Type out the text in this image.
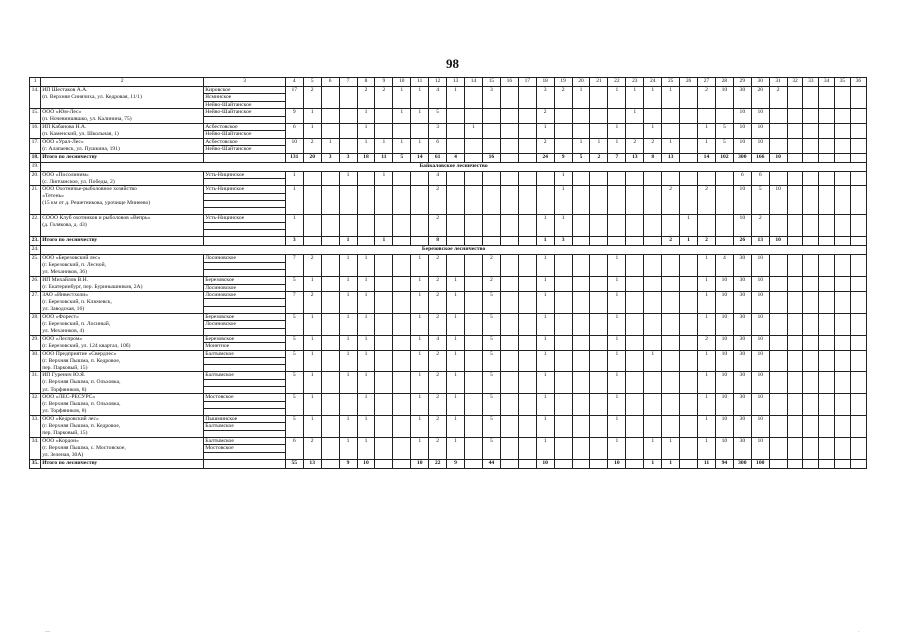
98
1	2	3	4	5	6	7	8	9	10	11	12	13	14	15	16	17	18	19	20	21	22	23	24	25	26	27	28	29	30	31	32	33	34	35	36
14.	ИП Шестаков А.А.	Кировское	17	2			2	2	1	1	4	1		3			3	2	1		1	1	1	1		2	10	30	20	2					
	(п. Верхняя Синячиха, ул. Кедровая, 11/1)	Ясминское																																	
		Нейво-Шайтанское																																	
15.	ООО «Юм-Лес»	Нейво-Шайтанское	9	1			1		1	1	5						2					1						10	10						
	(п. Ночевиншвшко, ул. Калинина, 75)																																		
16.	ИП Кабанова Н.А.	Асбестовское	6	1			1				3		1				1				1		1			1	5	10	10						
	(п. Каменский, ул. Школьная, 1)	Нейво-Шайтанское																																	
17.	ООО «Урал-Лес»	Асбестовское	10	2	1		1	1	1	1	6						2		1	1	1	2	2	1		1	5	10	10						
	(г. Алапаевск, ул. Пушкина, 191)	Нейво-Шайтанское																																	
18.	Итого по лесничеству		131	20	3	3	18	11	5	14	61	4		16			24	9	5	2	7	13	8	13		14	102	300	166	10					
19.	Байкаловское лесничество																																		
20.	ООО «Посолиним»	Усть-Ницинское	1			1		1			4							1										6	6						
	(с. Липчанское, ул. Победы, 2)																																		
21.	ООО Охотничье-рыболовное хозяйство	Усть-Ницинское	1								2							1						2		2		10	5	10					
	«Тетень»																																		
	(15 км от д. Решетникова, урочище Минеево)																																		

22.	СООО Клуб охотников и рыболовов «Вепрь»	Усть-Ницинское	1								2						1	1							1			10	2						
	(д. Голякова, д. 43)																																		

23.	Итого по лесничеству		3			1		1			8						1	3						2	1	2		26	13	10					
24.	Березовское лесничество																																		
25.	ООО «Березовский лес»	Лосиновское	7	2		1	1			1	2			2			1				1					1	4	30	10						
	(г. Березовский, п. Лесной,																																		
	ул. Механиков, 36)																																		
26.	ИП Михайлов В.Н.	Березовское	5	1		1	1			1	2	1		2			1				1					1	10	30	10						
	(г. Екатеринбург, пер. Буринышников, 2А)	Лосиновское																																	
27.	ЗАО «Инвестхоли»	Лосиновское	7	2		1	1			1	2	1		5			1				1					1	10	30	10						
	(г. Березовский, п. Ключевск,																																		
	ул. Заводская, 16)																																		
28.	ООО «Форест»	Березовское	5	1		1	1			1	2	1		5			1				1					1	10	30	10						
	(г. Березовский, п. Лосиный,	Лосиновское																																	
	ул. Механиков, 4)																																		
29.	ООО «Леспром»	Березовское	5	1		1	1			1	4	1		5			1				1					2	10	30	10						
	(г. Березовский, ул. 124 квартал, 10б)	Монетное																																	
30.	ООО Предприятие «Свердлес»	Балтымское	5	1		1	1			1	2	1		5			1				1		1			1	10	30	10						
	(г. Верхняя Пышма, п. Кедровое,																																		
	пер. Парковый, 15)																																		
31.	ИП Гуренич Ю.Я.	Балтымское	5	1		1	1			1	2	1		5			1				1					1	10	30	10						
	(г. Верхняя Пышма, п. Ольховка,																																		
	ул. Торфяников, 8)																																		
32.	ООО «ЛЕС-РЕСУРС»	Мостовское	5	1			1			1	2	1		5			1				1					1	10	30	10						
	(г. Верхняя Пышма, п. Ольховка,																																		
	ул. Торфяников, 8)																																		
33.	ООО «Кедровский лес»	Пышминское	5	1		1	1			1	2	1		5			1				1					1	10	30	10						
	(г. Верхняя Пышма, п. Кедровое,	Балтымское																																	
	пер. Парковый, 15)																																		
34.	ООО «Кордон»	Балтымское	6	2		1	1			1	2	1		5			1				1		1	1		1	10	30	10						
	(г. Верхняя Пышма, с. Мостовское,	Мостовское																																	
	ул. Зеленая, 30А)																																		
35.	Итого по лесничеству		55	13		9	10			10	22	9		44			10				10		1	1		11	94	300	100						
—	·
